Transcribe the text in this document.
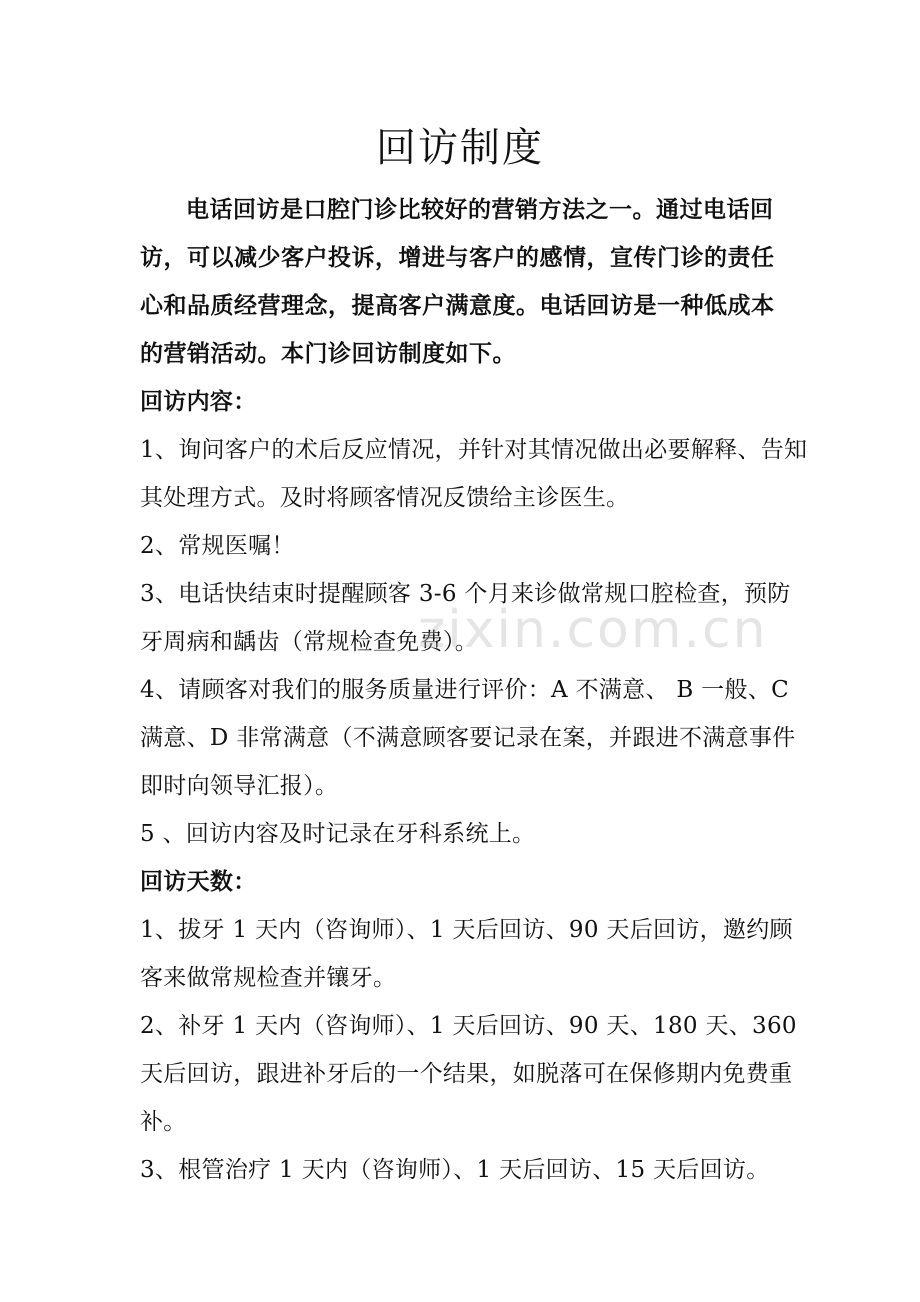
回访制度

电话回访是口腔门诊比较好的营销方法之一。通过电话回访，可以减少客户投诉，增进与客户的感情，宣传门诊的责任心和品质经营理念，提高客户满意度。电话回访是一种低成本的营销活动。本门诊回访制度如下。

回访内容：

1、询问客户的术后反应情况，并针对其情况做出必要解释、告知其处理方式。及时将顾客情况反馈给主诊医生。

2、常规医嘱！

3、电话快结束时提醒顾客 3-6 个月来诊做常规口腔检查，预防牙周病和龋齿（常规检查免费）。

4、请顾客对我们的服务质量进行评价：A 不满意、 B 一般、C 满意、D 非常满意（不满意顾客要记录在案，并跟进不满意事件即时向领导汇报）。

5 、回访内容及时记录在牙科系统上。

回访天数：

1、拔牙 1 天内（咨询师）、1 天后回访、90 天后回访，邀约顾客来做常规检查并镶牙。

2、补牙 1 天内（咨询师）、1 天后回访、90 天、180 天、360 天后回访，跟进补牙后的一个结果，如脱落可在保修期内免费重补。

3、根管治疗 1 天内（咨询师）、1 天后回访、15 天后回访。

zixin.com.cn
